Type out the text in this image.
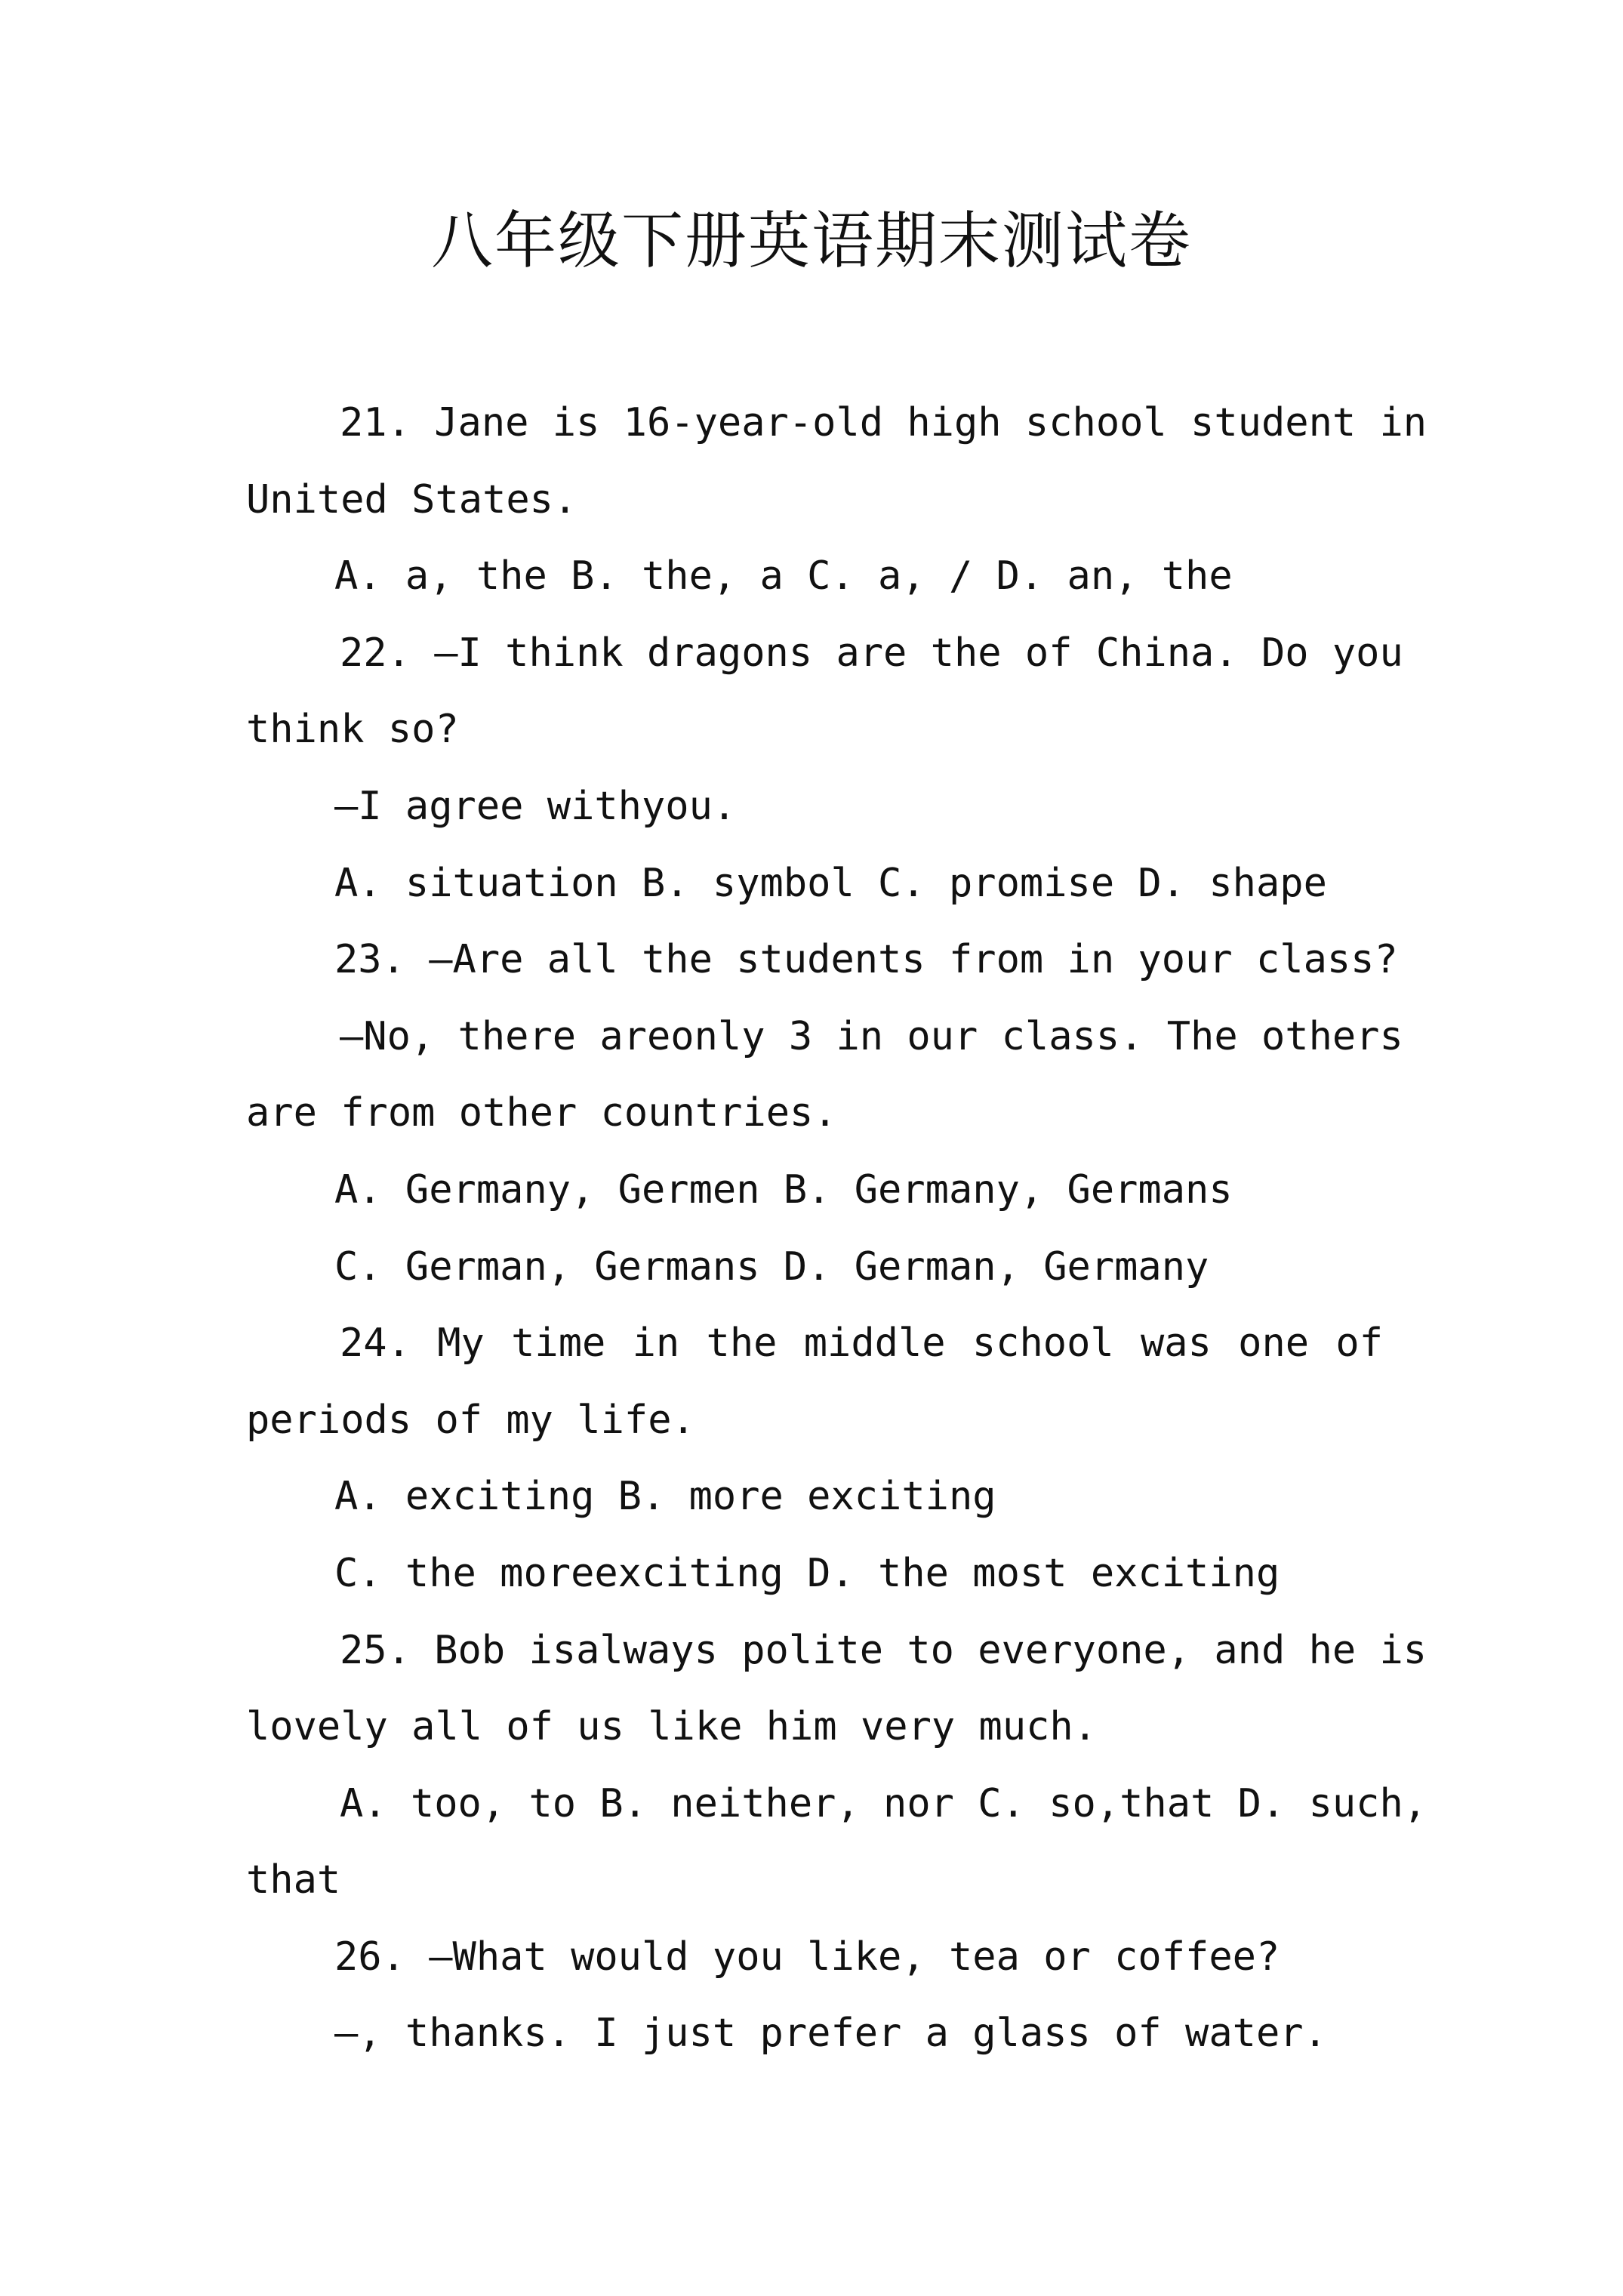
八年级下册英语期末测试卷
21. Jane is 16-year-old high school student in
United States.
A. a, the B. the, a C. a, / D. an, the
22. —I think dragons are the of China. Do you
think so?
—I agree withyou.
A. situation B. symbol C. promise D. shape
23. —Are all the students from in your class?
—No, there areonly 3 in our class. The others
are from other countries.
A. Germany, Germen B. Germany, Germans
C. German, Germans D. German, Germany
24. My time in the middle school was one of
periods of my life.
A. exciting B. more exciting
C. the moreexciting D. the most exciting
25. Bob isalways polite to everyone, and he is
lovely all of us like him very much.
A. too, to B. neither, nor C. so,that D. such,
that
26. —What would you like, tea or coffee?
—, thanks. I just prefer a glass of water.
